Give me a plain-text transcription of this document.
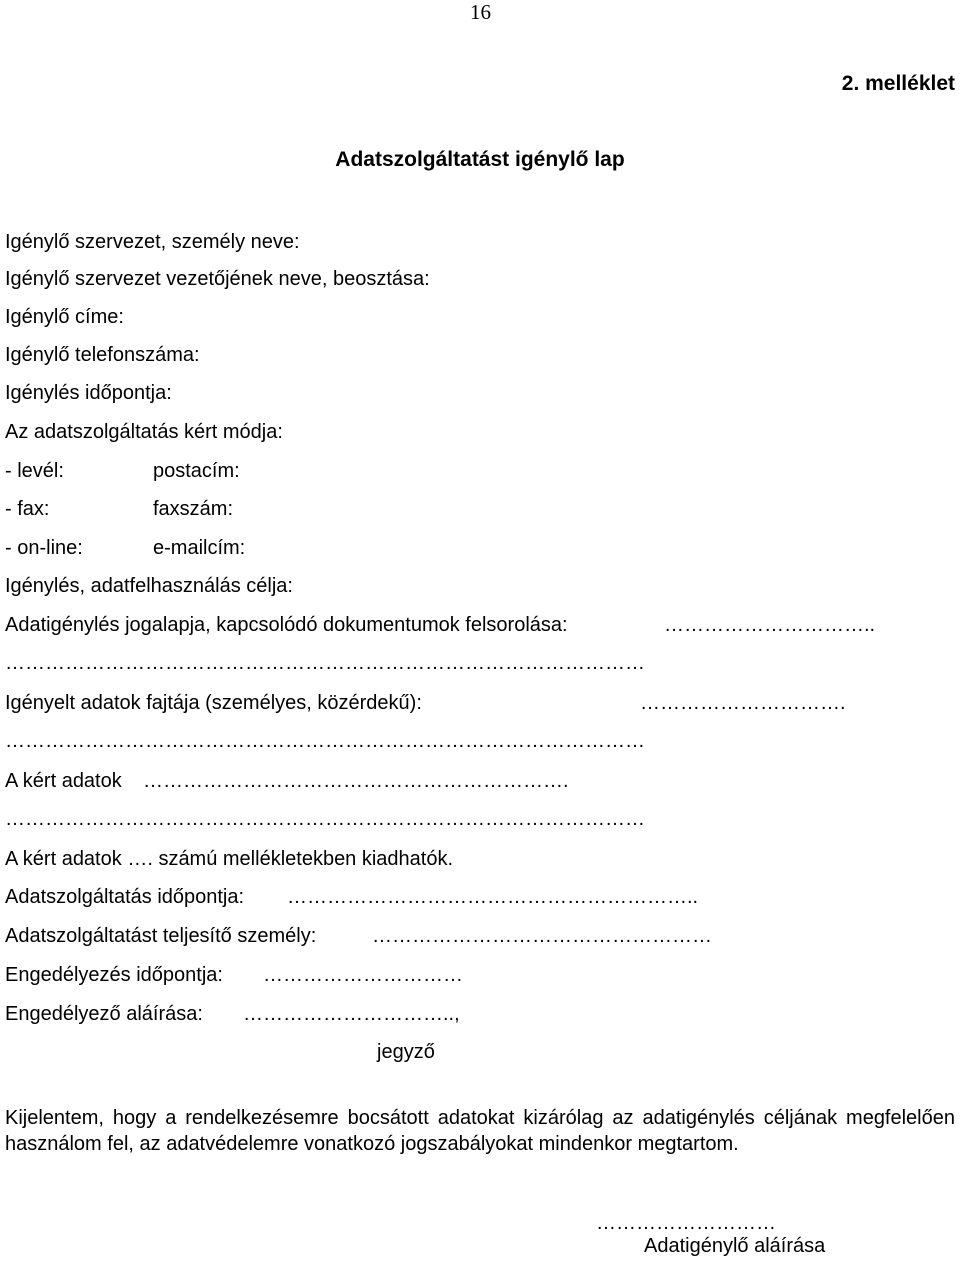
16
2. melléklet
Adatszolgáltatást igénylő lap
Igénylő szervezet, személy neve:
Igénylő szervezet vezetőjének neve, beosztása:
Igénylő címe:
Igénylő telefonszáma:
Igénylés időpontja:
Az adatszolgáltatás kért módja:
- levél:	postacím:
- fax:	faxszám:
- on-line:	e-mailcím:
Igénylés, adatfelhasználás célja:
Adatigénylés jogalapja, kapcsolódó dokumentumok felsorolása:	…………………………..
……………………………………………………………………………………
Igényelt adatok fajtája (személyes, közérdekű):	………………………….
……………………………………………………………………………………
A kért adatok ……………………………………………………….
……………………………………………………………………………………
A kért adatok …. számú mellékletekben kiadhatók.
Adatszolgáltatás időpontja: ……………………………………………………..
Adatszolgáltatást teljesítő személy:	……………………………………………
Engedélyezés időpontja: …………………………
Engedélyező aláírása: …………………………..,
jegyző
Kijelentem, hogy a rendelkezésemre bocsátott adatokat kizárólag az adatigénylés céljának megfelelően használom fel, az adatvédelemre vonatkozó jogszabályokat mindenkor megtartom.
………………………
Adatigénylő aláírása
